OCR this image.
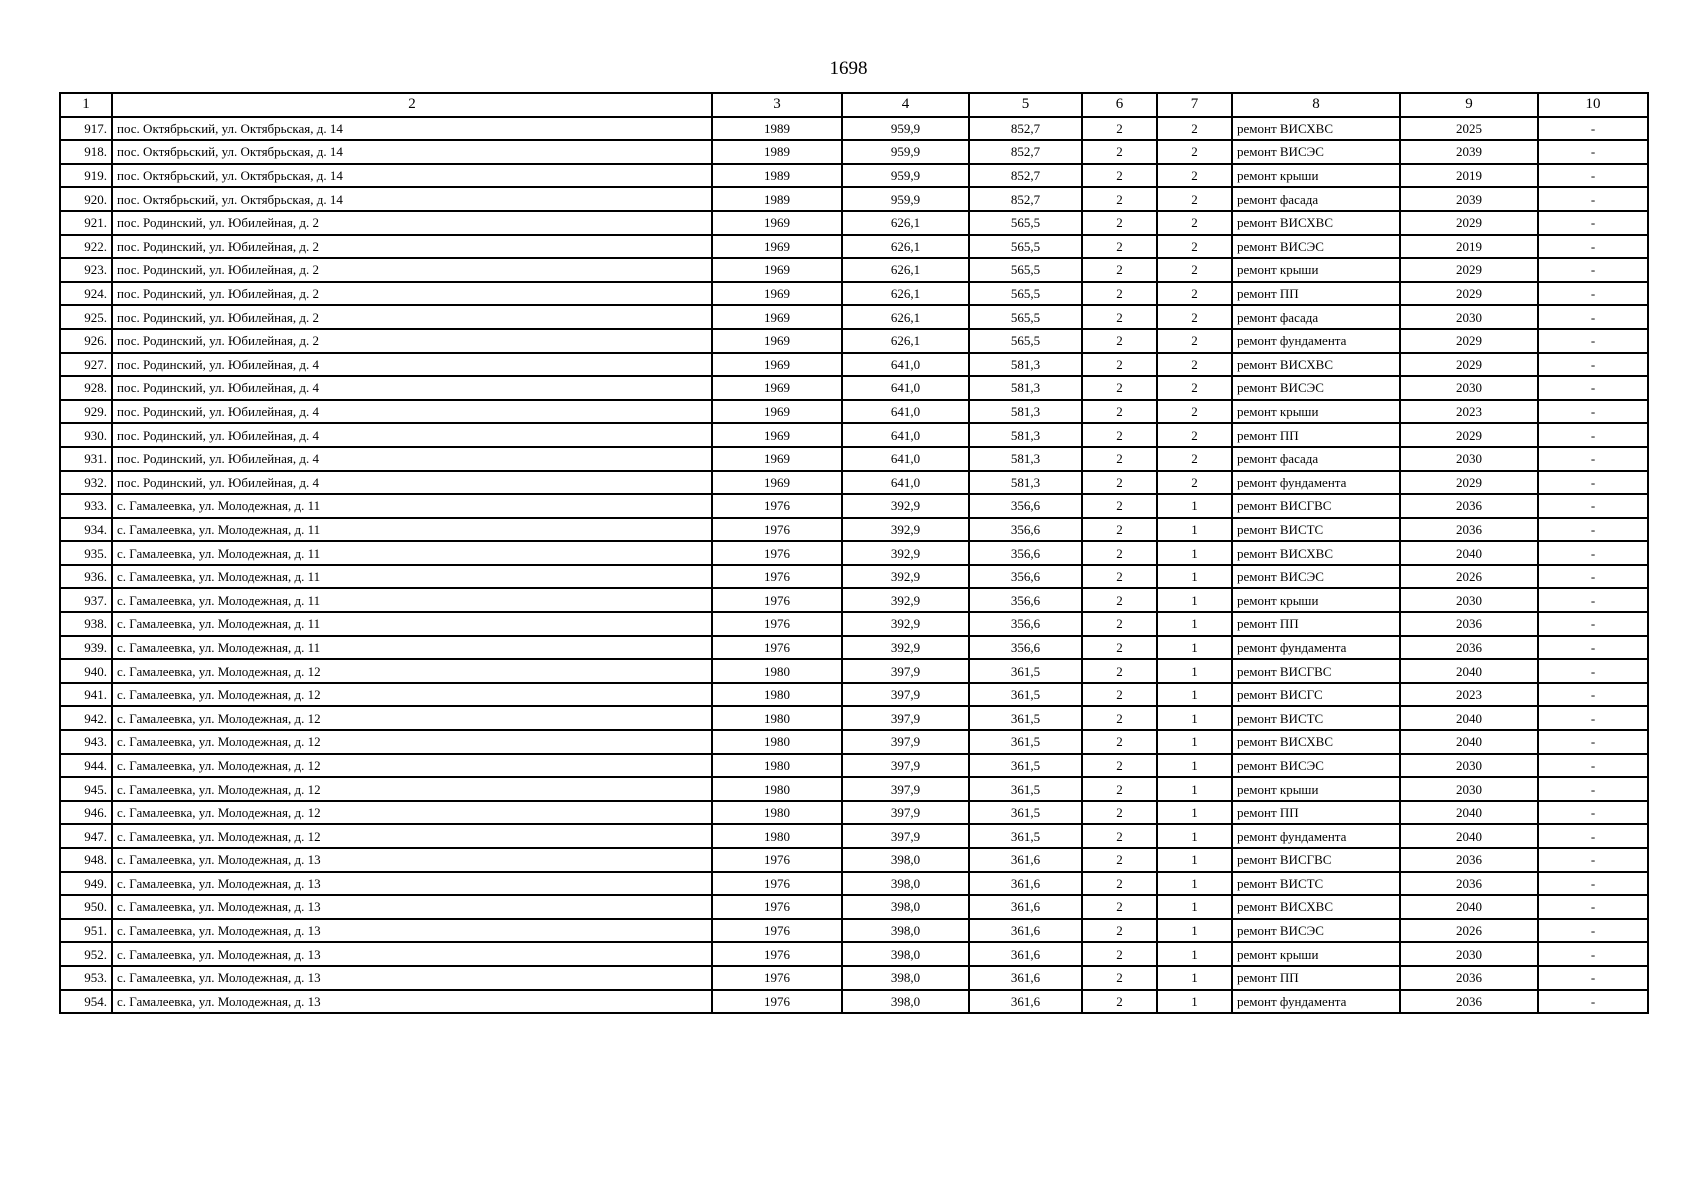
1698
1	2	3	4	5	6	7	8	9	10
917.	пос. Октябрьский, ул. Октябрьская, д. 14	1989	959,9	852,7	2	2	ремонт ВИСХВС	2025	-
918.	пос. Октябрьский, ул. Октябрьская, д. 14	1989	959,9	852,7	2	2	ремонт ВИСЭС	2039	-
919.	пос. Октябрьский, ул. Октябрьская, д. 14	1989	959,9	852,7	2	2	ремонт крыши	2019	-
920.	пос. Октябрьский, ул. Октябрьская, д. 14	1989	959,9	852,7	2	2	ремонт фасада	2039	-
921.	пос. Родинский, ул. Юбилейная, д. 2	1969	626,1	565,5	2	2	ремонт ВИСХВС	2029	-
922.	пос. Родинский, ул. Юбилейная, д. 2	1969	626,1	565,5	2	2	ремонт ВИСЭС	2019	-
923.	пос. Родинский, ул. Юбилейная, д. 2	1969	626,1	565,5	2	2	ремонт крыши	2029	-
924.	пос. Родинский, ул. Юбилейная, д. 2	1969	626,1	565,5	2	2	ремонт ПП	2029	-
925.	пос. Родинский, ул. Юбилейная, д. 2	1969	626,1	565,5	2	2	ремонт фасада	2030	-
926.	пос. Родинский, ул. Юбилейная, д. 2	1969	626,1	565,5	2	2	ремонт фундамента	2029	-
927.	пос. Родинский, ул. Юбилейная, д. 4	1969	641,0	581,3	2	2	ремонт ВИСХВС	2029	-
928.	пос. Родинский, ул. Юбилейная, д. 4	1969	641,0	581,3	2	2	ремонт ВИСЭС	2030	-
929.	пос. Родинский, ул. Юбилейная, д. 4	1969	641,0	581,3	2	2	ремонт крыши	2023	-
930.	пос. Родинский, ул. Юбилейная, д. 4	1969	641,0	581,3	2	2	ремонт ПП	2029	-
931.	пос. Родинский, ул. Юбилейная, д. 4	1969	641,0	581,3	2	2	ремонт фасада	2030	-
932.	пос. Родинский, ул. Юбилейная, д. 4	1969	641,0	581,3	2	2	ремонт фундамента	2029	-
933.	с. Гамалеевка, ул. Молодежная, д. 11	1976	392,9	356,6	2	1	ремонт ВИСГВС	2036	-
934.	с. Гамалеевка, ул. Молодежная, д. 11	1976	392,9	356,6	2	1	ремонт ВИСТС	2036	-
935.	с. Гамалеевка, ул. Молодежная, д. 11	1976	392,9	356,6	2	1	ремонт ВИСХВС	2040	-
936.	с. Гамалеевка, ул. Молодежная, д. 11	1976	392,9	356,6	2	1	ремонт ВИСЭС	2026	-
937.	с. Гамалеевка, ул. Молодежная, д. 11	1976	392,9	356,6	2	1	ремонт крыши	2030	-
938.	с. Гамалеевка, ул. Молодежная, д. 11	1976	392,9	356,6	2	1	ремонт ПП	2036	-
939.	с. Гамалеевка, ул. Молодежная, д. 11	1976	392,9	356,6	2	1	ремонт фундамента	2036	-
940.	с. Гамалеевка, ул. Молодежная, д. 12	1980	397,9	361,5	2	1	ремонт ВИСГВС	2040	-
941.	с. Гамалеевка, ул. Молодежная, д. 12	1980	397,9	361,5	2	1	ремонт ВИСГС	2023	-
942.	с. Гамалеевка, ул. Молодежная, д. 12	1980	397,9	361,5	2	1	ремонт ВИСТС	2040	-
943.	с. Гамалеевка, ул. Молодежная, д. 12	1980	397,9	361,5	2	1	ремонт ВИСХВС	2040	-
944.	с. Гамалеевка, ул. Молодежная, д. 12	1980	397,9	361,5	2	1	ремонт ВИСЭС	2030	-
945.	с. Гамалеевка, ул. Молодежная, д. 12	1980	397,9	361,5	2	1	ремонт крыши	2030	-
946.	с. Гамалеевка, ул. Молодежная, д. 12	1980	397,9	361,5	2	1	ремонт ПП	2040	-
947.	с. Гамалеевка, ул. Молодежная, д. 12	1980	397,9	361,5	2	1	ремонт фундамента	2040	-
948.	с. Гамалеевка, ул. Молодежная, д. 13	1976	398,0	361,6	2	1	ремонт ВИСГВС	2036	-
949.	с. Гамалеевка, ул. Молодежная, д. 13	1976	398,0	361,6	2	1	ремонт ВИСТС	2036	-
950.	с. Гамалеевка, ул. Молодежная, д. 13	1976	398,0	361,6	2	1	ремонт ВИСХВС	2040	-
951.	с. Гамалеевка, ул. Молодежная, д. 13	1976	398,0	361,6	2	1	ремонт ВИСЭС	2026	-
952.	с. Гамалеевка, ул. Молодежная, д. 13	1976	398,0	361,6	2	1	ремонт крыши	2030	-
953.	с. Гамалеевка, ул. Молодежная, д. 13	1976	398,0	361,6	2	1	ремонт ПП	2036	-
954.	с. Гамалеевка, ул. Молодежная, д. 13	1976	398,0	361,6	2	1	ремонт фундамента	2036	-
